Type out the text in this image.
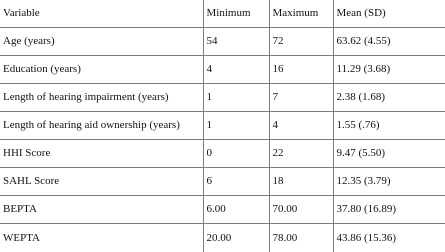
Variable	Minimum	Maximum	Mean (SD)
Age (years)	54	72	63.62 (4.55)
Education (years)	4	16	11.29 (3.68)
Length of hearing impairment (years)	1	7	2.38 (1.68)
Length of hearing aid ownership (years)	1	4	1.55 (.76)
HHI Score	0	22	9.47 (5.50)
SAHL Score	6	18	12.35 (3.79)
BEPTA	6.00	70.00	37.80 (16.89)
WEPTA	20.00	78.00	43.86 (15.36)
